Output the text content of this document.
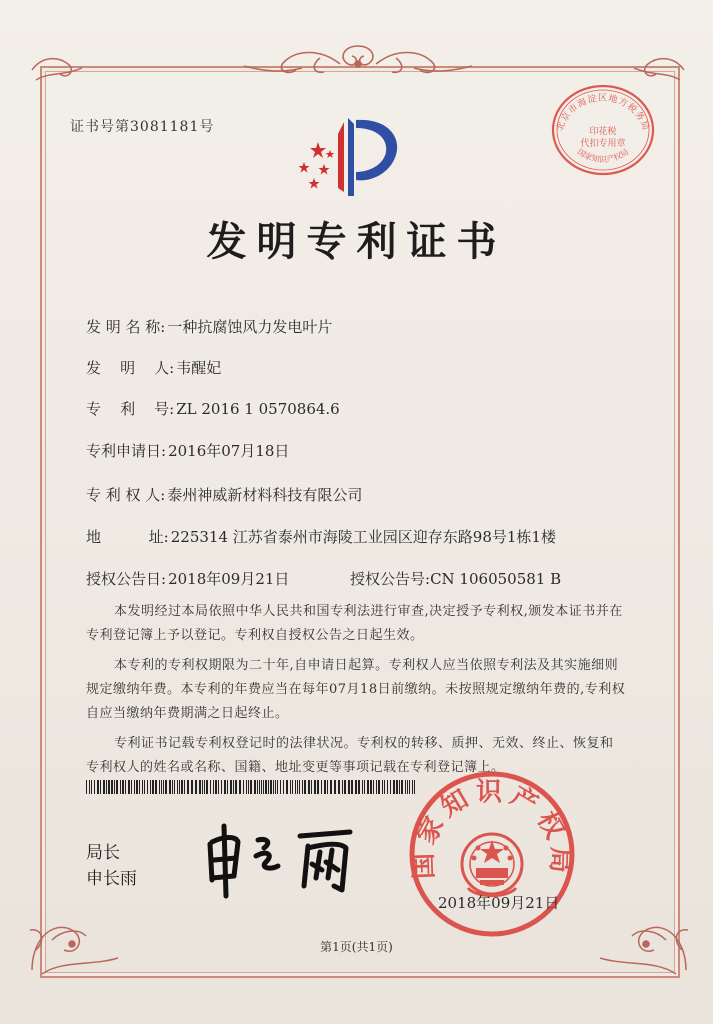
证书号第3081181号	北京市海淀区地方税务局
印花税
代扣专用章
国家知识产权局
发明专利证书
发 明 名 称: 一种抗腐蚀风力发电叶片
发    明    人: 韦醒妃
专    利    号: ZL 2016 1 0570864.6
专利申请日: 2016年07月18日
专 利 权 人: 泰州神威新材料科技有限公司
地          址: 225314 江苏省泰州市海陵工业园区迎存东路98号1栋1楼
授权公告日: 2018年09月21日	授权公告号:CN 106050581 B

本发明经过本局依照中华人民共和国专利法进行审查,决定授予专利权,颁发本证书并在专利登记簿上予以登记。专利权自授权公告之日起生效。

本专利的专利权期限为二十年,自申请日起算。专利权人应当依照专利法及其实施细则规定缴纳年费。本专利的年费应当在每年07月18日前缴纳。未按照规定缴纳年费的,专利权自应当缴纳年费期满之日起终止。

专利证书记载专利权登记时的法律状况。专利权的转移、质押、无效、终止、恢复和专利权人的姓名或名称、国籍、地址变更等事项记载在专利登记簿上。

局长
申长雨	国家知识产权局
2018年09月21日
第1页(共1页)
